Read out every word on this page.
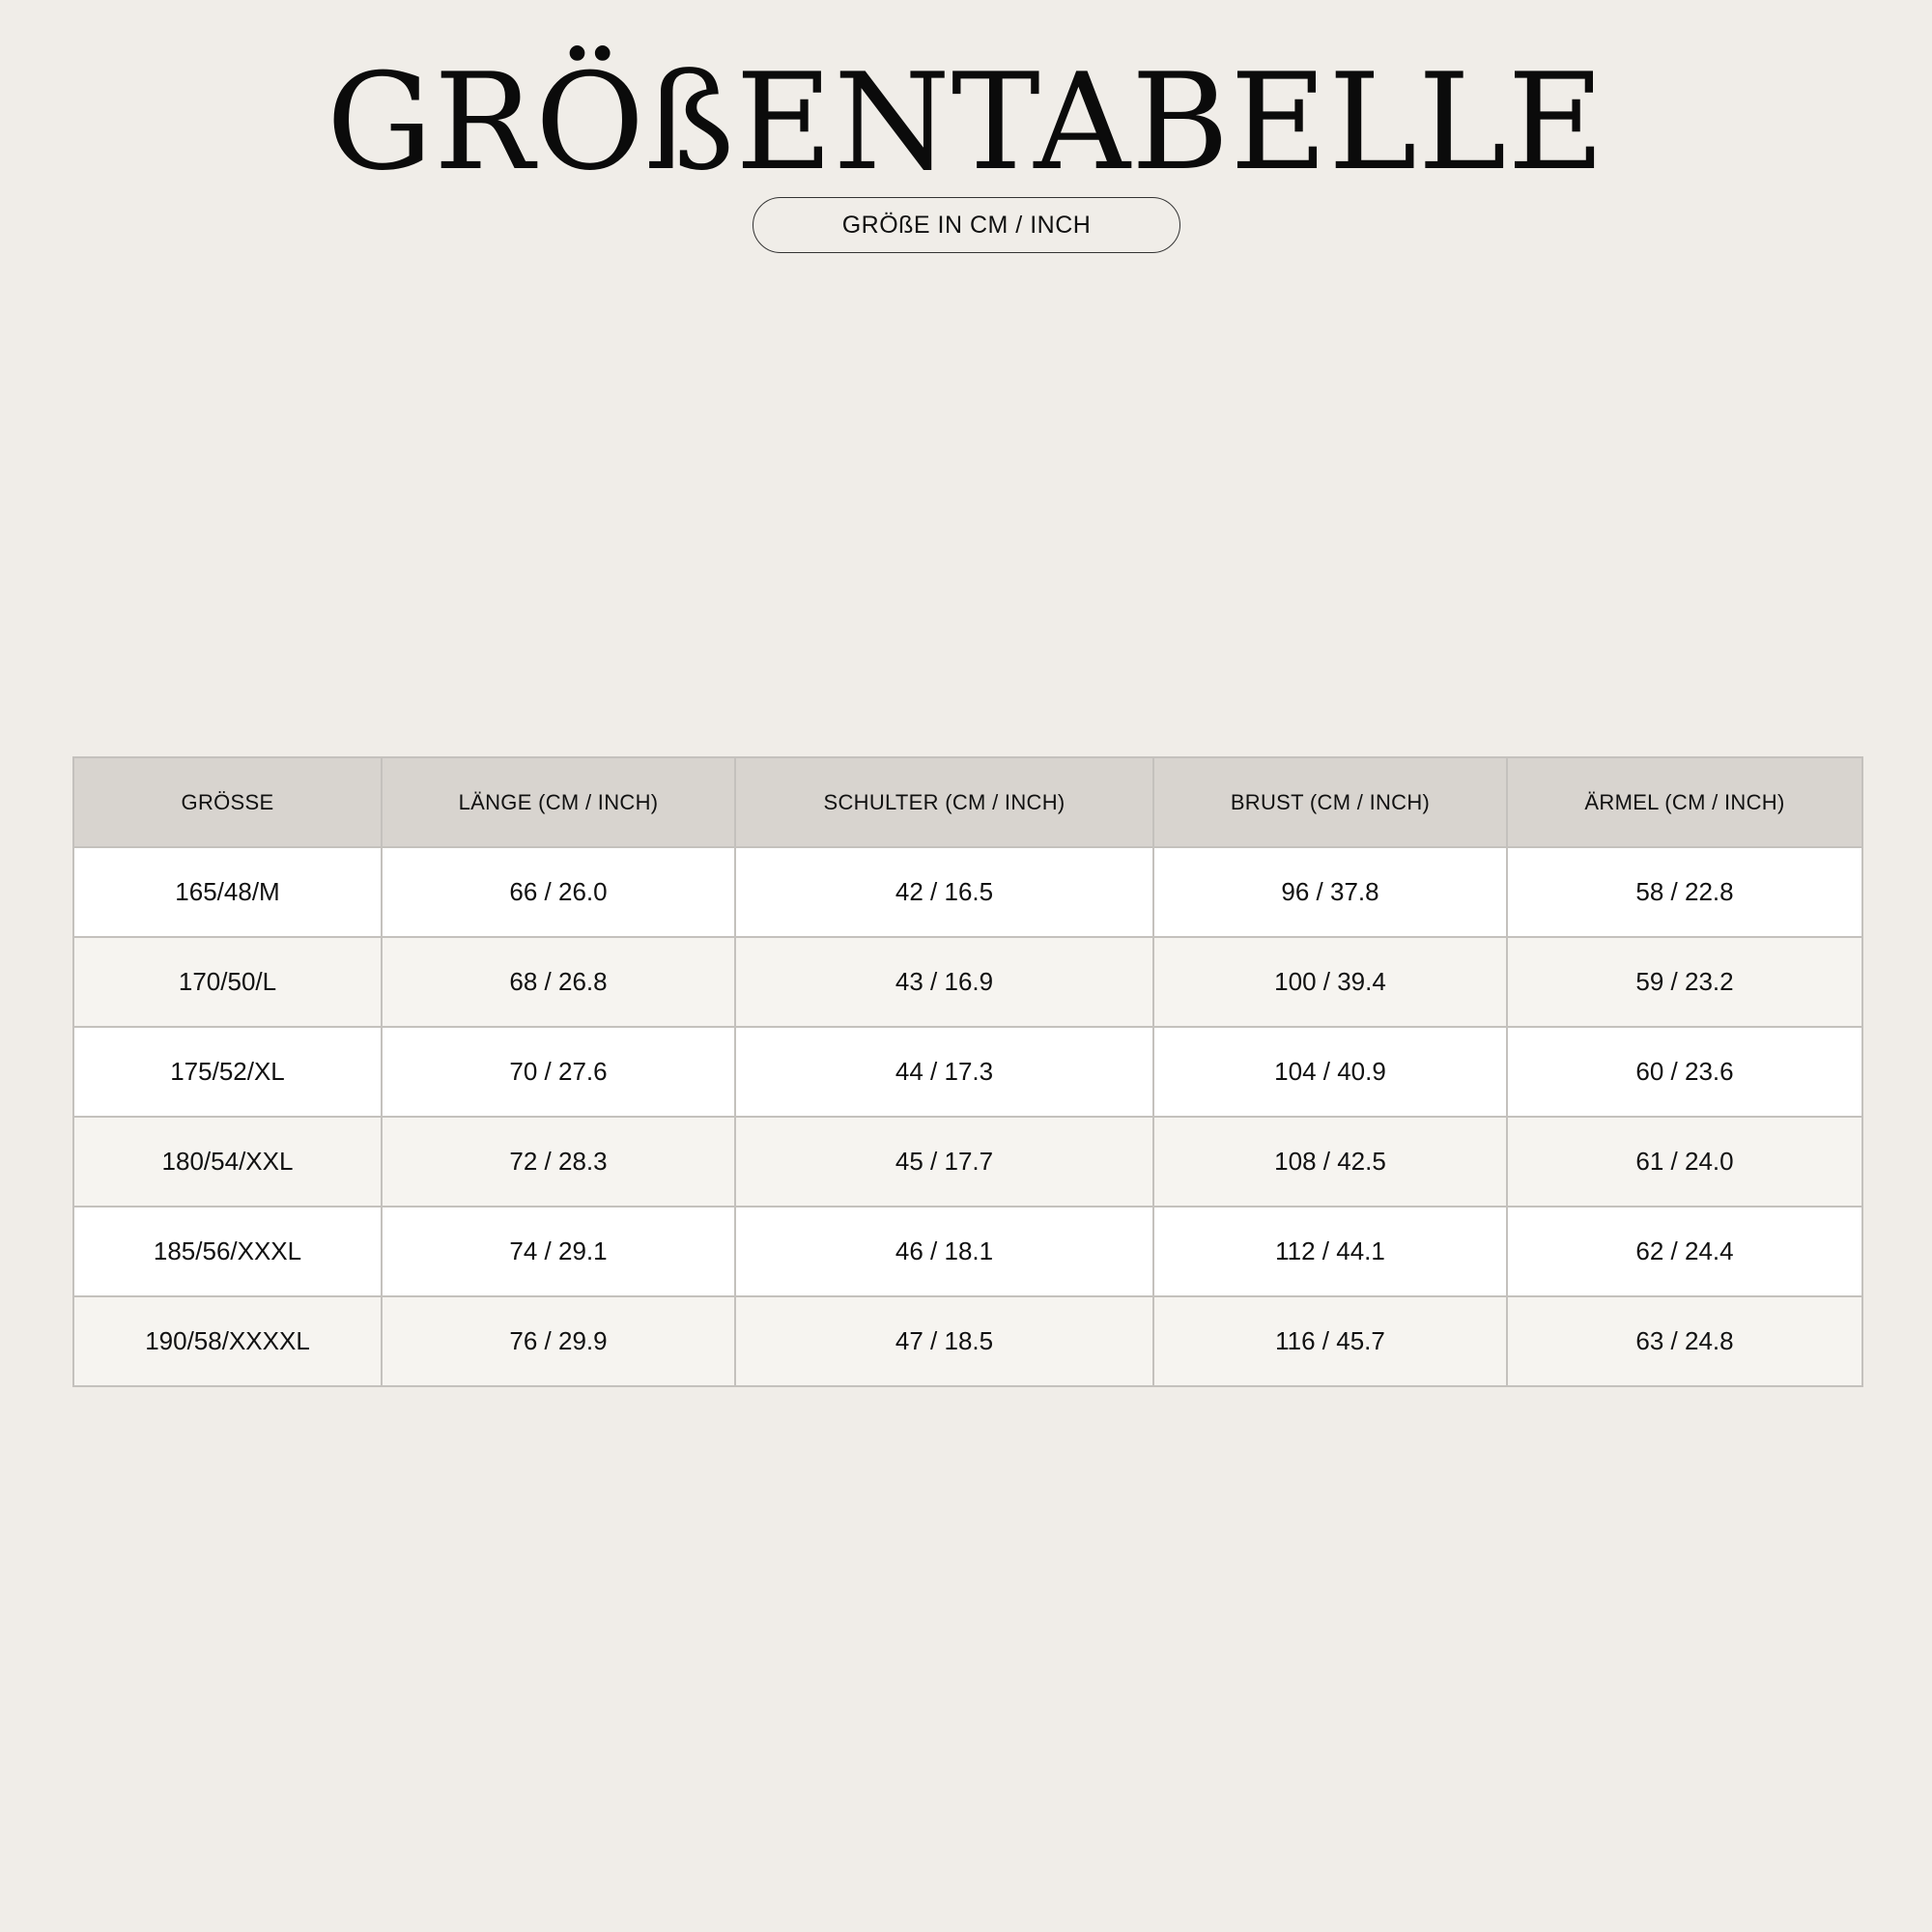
GRÖßENTABELLE
GRÖßE IN CM / INCH
GRÖSSE	LÄNGE (CM / INCH)	SCHULTER (CM / INCH)	BRUST (CM / INCH)	ÄRMEL (CM / INCH)
165/48/M	66 / 26.0	42 / 16.5	96 / 37.8	58 / 22.8
170/50/L	68 / 26.8	43 / 16.9	100 / 39.4	59 / 23.2
175/52/XL	70 / 27.6	44 / 17.3	104 / 40.9	60 / 23.6
180/54/XXL	72 / 28.3	45 / 17.7	108 / 42.5	61 / 24.0
185/56/XXXL	74 / 29.1	46 / 18.1	112 / 44.1	62 / 24.4
190/58/XXXXL	76 / 29.9	47 / 18.5	116 / 45.7	63 / 24.8
